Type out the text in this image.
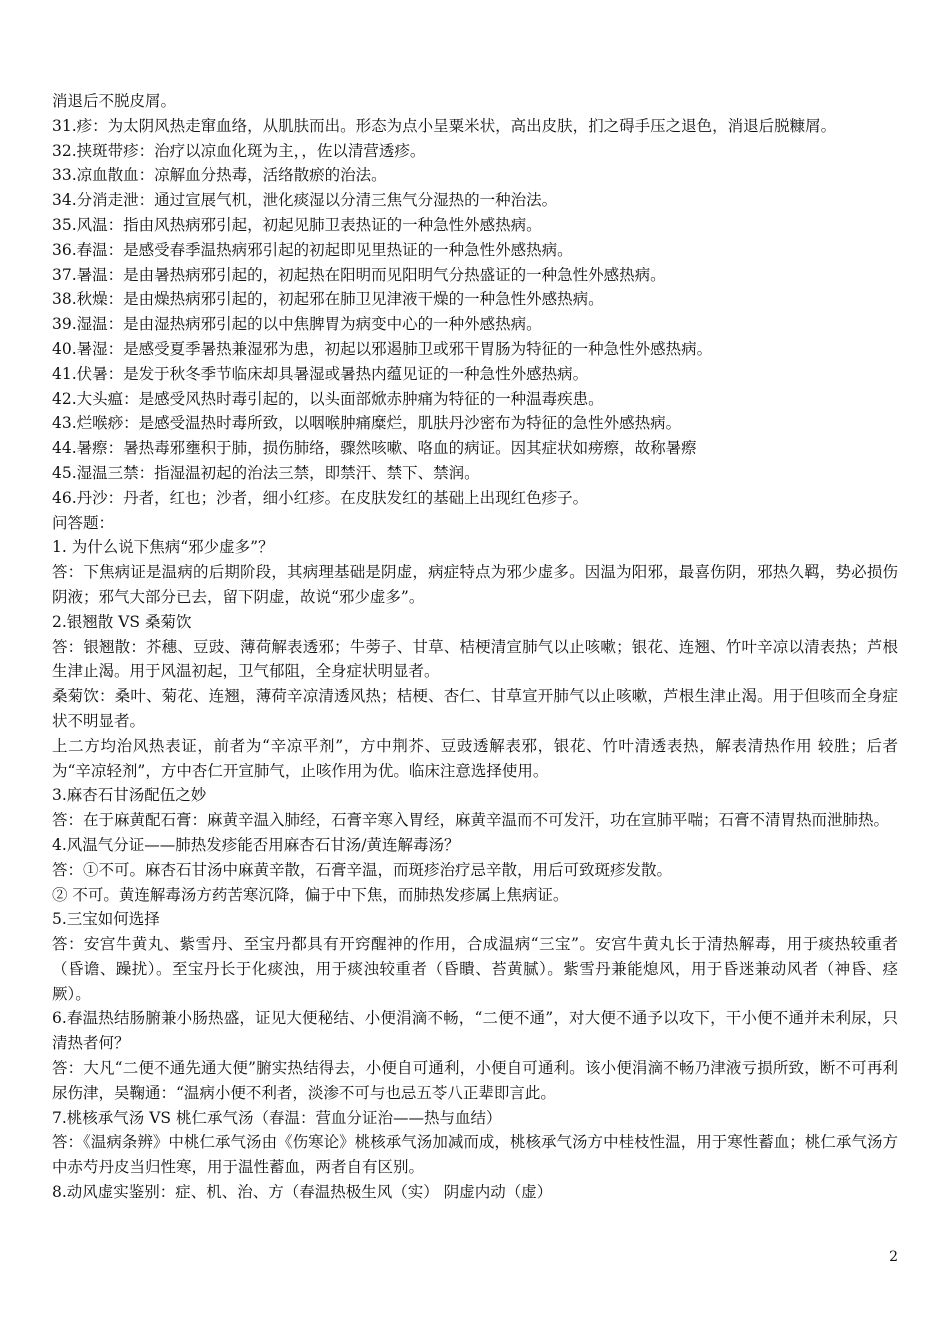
消退后不脱皮屑。

31.疹：为太阴风热走窜血络，从肌肤而出。形态为点小呈粟米状，高出皮肤，扪之碍手压之退色，消退后脱糠屑。

32.挟斑带疹：治疗以凉血化斑为主，，佐以清营透疹。

33.凉血散血：凉解血分热毒，活络散瘀的治法。

34.分消走泄：通过宣展气机，泄化痰湿以分清三焦气分湿热的一种治法。

35.风温：指由风热病邪引起，初起见肺卫表热证的一种急性外感热病。

36.春温：是感受春季温热病邪引起的初起即见里热证的一种急性外感热病。

37.暑温：是由暑热病邪引起的，初起热在阳明而见阳明气分热盛证的一种急性外感热病。

38.秋燥：是由燥热病邪引起的，初起邪在肺卫见津液干燥的一种急性外感热病。

39.湿温：是由湿热病邪引起的以中焦脾胃为病变中心的一种外感热病。

40.暑湿：是感受夏季暑热兼湿邪为患，初起以邪遏肺卫或邪干胃肠为特征的一种急性外感热病。

41.伏暑：是发于秋冬季节临床却具暑湿或暑热内蕴见证的一种急性外感热病。

42.大头瘟：是感受风热时毒引起的，以头面部焮赤肿痛为特征的一种温毒疾患。

43.烂喉痧：是感受温热时毒所致，以咽喉肿痛糜烂，肌肤丹沙密布为特征的急性外感热病。

44.暑瘵：暑热毒邪壅积于肺，损伤肺络，骤然咳嗽、咯血的病证。因其症状如痨瘵，故称暑瘵

45.湿温三禁：指湿温初起的治法三禁，即禁汗、禁下、禁润。

46.丹沙：丹者，红也；沙者，细小红疹。在皮肤发红的基础上出现红色疹子。

问答题：

1. 为什么说下焦病“邪少虚多”？

答：下焦病证是温病的后期阶段，其病理基础是阴虚，病症特点为邪少虚多。因温为阳邪，最喜伤阴，邪热久羁，势必损伤阴液；邪气大部分已去，留下阴虚，故说“邪少虚多”。

2.银翘散 VS 桑菊饮

答：银翘散：芥穗、豆豉、薄荷解表透邪；牛蒡子、甘草、桔梗清宣肺气以止咳嗽；银花、连翘、竹叶辛凉以清表热；芦根生津止渴。用于风温初起，卫气郁阻，全身症状明显者。

桑菊饮：桑叶、菊花、连翘，薄荷辛凉清透风热；桔梗、杏仁、甘草宣开肺气以止咳嗽，芦根生津止渴。用于但咳而全身症状不明显者。

上二方均治风热表证，前者为“辛凉平剂”，方中荆芥、豆豉透解表邪，银花、竹叶清透表热，解表清热作用 较胜；后者为“辛凉轻剂”，方中杏仁开宣肺气，止咳作用为优。临床注意选择使用。

3.麻杏石甘汤配伍之妙

答：在于麻黄配石膏：麻黄辛温入肺经，石膏辛寒入胃经，麻黄辛温而不可发汗，功在宣肺平喘；石膏不清胃热而泄肺热。

4.风温气分证——肺热发疹能否用麻杏石甘汤/黄连解毒汤？

答：①不可。麻杏石甘汤中麻黄辛散，石膏辛温，而斑疹治疗忌辛散，用后可致斑疹发散。

② 不可。黄连解毒汤方药苦寒沉降，偏于中下焦，而肺热发疹属上焦病证。

5.三宝如何选择

答：安宫牛黄丸、紫雪丹、至宝丹都具有开窍醒神的作用，合成温病“三宝”。安宫牛黄丸长于清热解毒，用于痰热较重者（昏谵、躁扰）。至宝丹长于化痰浊，用于痰浊较重者（昏瞶、苔黄腻）。紫雪丹兼能熄风，用于昏迷兼动风者（神昏、痉厥）。

6.春温热结肠腑兼小肠热盛，证见大便秘结、小便涓滴不畅，“二便不通”，对大便不通予以攻下，干小便不通并未利尿，只清热者何？

答：大凡“二便不通先通大便”腑实热结得去，小便自可通利，小便自可通利。该小便涓滴不畅乃津液亏损所致，断不可再利尿伤津，吴鞠通：“温病小便不利者，淡渗不可与也忌五苓八正辈即言此。

7.桃核承气汤 VS 桃仁承气汤（春温：营血分证治——热与血结）

答：《温病条辨》中桃仁承气汤由《伤寒论》桃核承气汤加减而成，桃核承气汤方中桂枝性温，用于寒性蓄血；桃仁承气汤方中赤芍丹皮当归性寒，用于温性蓄血，两者自有区别。

8.动风虚实鉴别：症、机、治、方（春温热极生风（实） 阴虚内动（虚）

2
